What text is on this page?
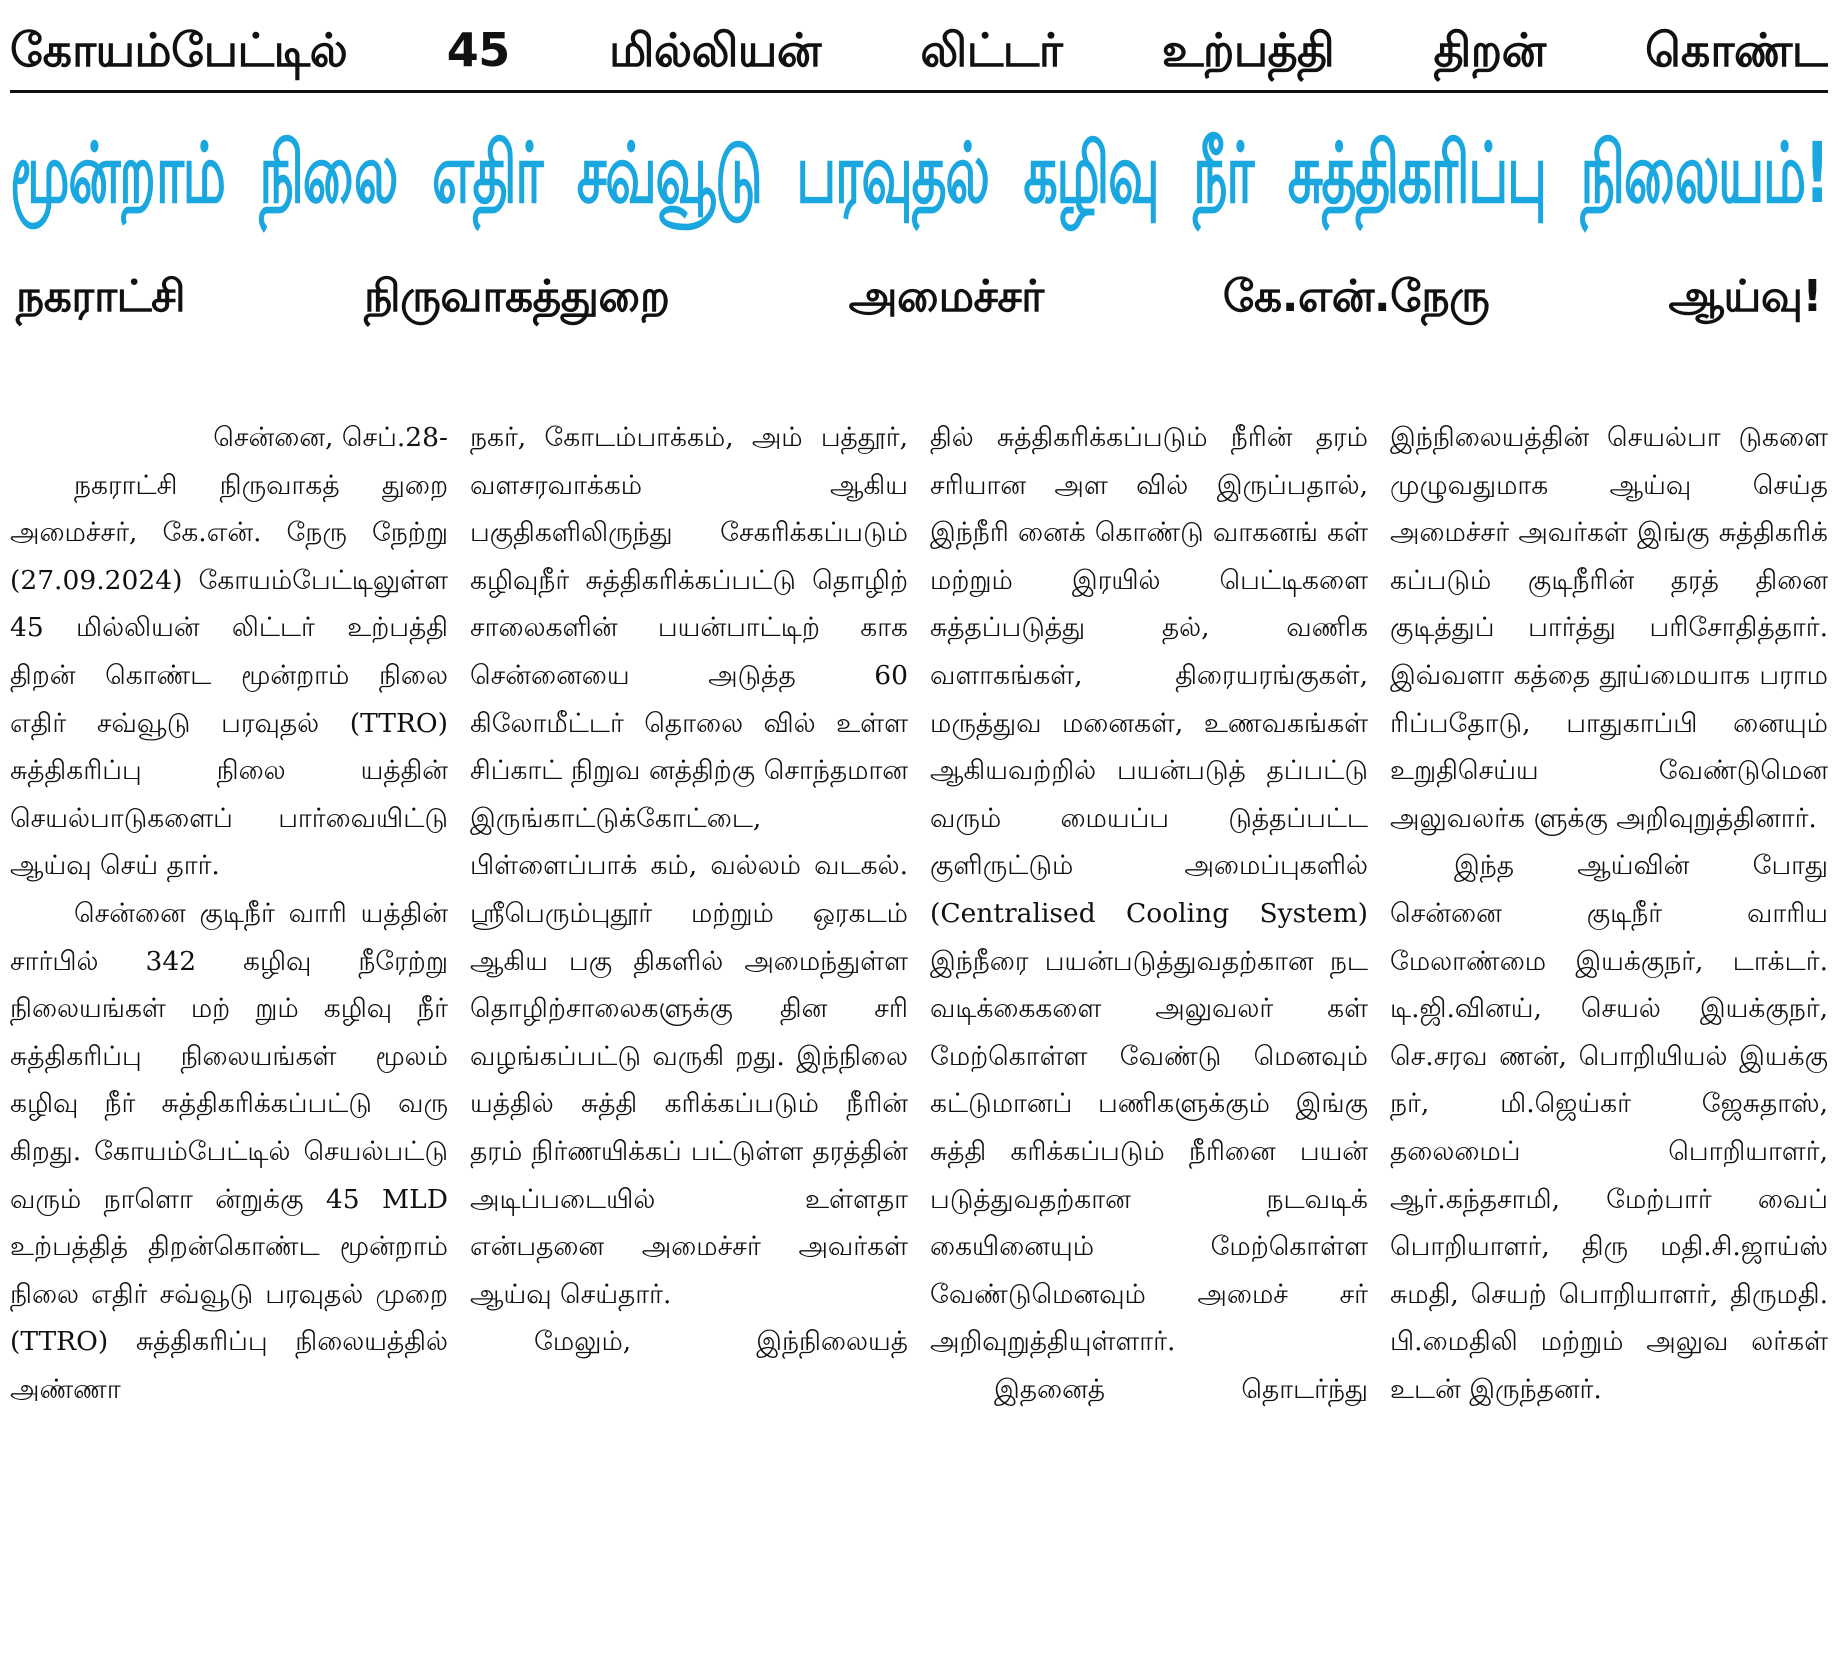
கோயம்பேட்டில் 45 மில்லியன் லிட்டர் உற்பத்தி திறன் கொண்ட
மூன்றாம் நிலை எதிர் சவ்வூடு பரவுதல் கழிவு நீர் சுத்திகரிப்பு நிலையம்!
நகராட்சி நிருவாகத்துறை அமைச்சர் கே.என்.நேரு ஆய்வு!

சென்னை, செப்.28-

நகராட்சி நிருவாகத் துறை அமைச்சர், கே.என். நேரு நேற்று (27.09.2024) கோயம்பேட்டிலுள்ள 45 மில்லியன் லிட்டர் உற்பத்தி திறன் கொண்ட மூன்றாம் நிலை எதிர் சவ்வூடு பரவுதல் (TTRO) சுத்திகரிப்பு நிலை யத்தின் செயல்பாடுகளைப் பார்வையிட்டு ஆய்வு செய் தார்.

சென்னை குடிநீர் வாரி யத்தின் சார்பில் 342 கழிவு நீரேற்று நிலையங்கள் மற் றும் கழிவு நீர் சுத்திகரிப்பு நிலையங்கள் மூலம் கழிவு நீர் சுத்திகரிக்கப்பட்டு வரு கிறது. கோயம்பேட்டில் செயல்பட்டு வரும் நாளொ ன்றுக்கு 45 MLD உற்பத்தித் திறன்கொண்ட மூன்றாம் நிலை எதிர் சவ்வூடு பரவுதல் முறை (TTRO) சுத்திகரிப்பு நிலையத்தில் அண்ணா

நகர், கோடம்பாக்கம், அம் பத்தூர், வளசரவாக்கம் ஆகிய பகுதிகளிலிருந்து சேகரிக்கப்படும் கழிவுநீர் சுத்திகரிக்கப்பட்டு தொழிற் சாலைகளின் பயன்பாட்டிற் காக சென்னையை அடுத்த 60 கிலோமீட்டர் தொலை வில் உள்ள சிப்காட் நிறுவ னத்திற்கு சொந்தமான இருங்காட்டுக்கோட்டை, பிள்ளைப்பாக் கம், வல்லம் வடகல். ஸ்ரீபெரும்புதூர் மற்றும் ஒரகடம் ஆகிய பகு திகளில் அமைந்துள்ள தொழிற்சாலைகளுக்கு தின சரி வழங்கப்பட்டு வருகி றது. இந்நிலை யத்தில் சுத்தி கரிக்கப்படும் நீரின் தரம் நிர்ணயிக்கப் பட்டுள்ள தரத்தின் அடிப்படையில் உள்ளதா என்பதனை அமைச்சர் அவர்கள் ஆய்வு செய்தார்.

மேலும், இந்நிலையத்

தில் சுத்திகரிக்கப்படும் நீரின் தரம் சரியான அள வில் இருப்பதால், இந்நீரி னைக் கொண்டு வாகனங் கள் மற்றும் இரயில் பெட்டிகளை சுத்தப்படுத்து தல், வணிக வளாகங்கள், திரையரங்குகள், மருத்துவ மனைகள், உணவகங்கள் ஆகியவற்றில் பயன்படுத் தப்பட்டு வரும் மையப்ப டுத்தப்பட்ட குளிருட்டும் அமைப்புகளில் (Centralised Cooling System) இந்நீரை பயன்படுத்துவதற்கான நட வடிக்கைகளை அலுவலர் கள் மேற்கொள்ள வேண்டு மெனவும் கட்டுமானப் பணிகளுக்கும் இங்கு சுத்தி கரிக்கப்படும் நீரினை பயன் படுத்துவதற்கான நடவடிக் கையினையும் மேற்கொள்ள வேண்டுமெனவும் அமைச் சர் அறிவுறுத்தியுள்ளார்.

இதனைத் தொடர்ந்து

இந்நிலையத்தின் செயல்பா டுகளை முழுவதுமாக ஆய்வு செய்த அமைச்சர் அவர்கள் இங்கு சுத்திகரிக் கப்படும் குடிநீரின் தரத் தினை குடித்துப் பார்த்து பரிசோதித்தார். இவ்வளா கத்தை தூய்மையாக பராம ரிப்பதோடு, பாதுகாப்பி னையும் உறுதிசெய்ய வேண்டுமென அலுவலர்க ளுக்கு அறிவுறுத்தினார்.

இந்த ஆய்வின் போது சென்னை குடிநீர் வாரிய மேலாண்மை இயக்குநர், டாக்டர். டி.ஜி.வினய், செயல் இயக்குநர், செ.சரவ ணன், பொறியியல் இயக்கு நர், மி.ஜெய்கர் ஜேசுதாஸ், தலைமைப் பொறியாளர், ஆர்.கந்தசாமி, மேற்பார் வைப் பொறியாளர், திரு மதி.சி.ஜாய்ஸ் சுமதி, செயற் பொறியாளர், திருமதி. பி.மைதிலி மற்றும் அலுவ லர்கள் உடன் இருந்தனர்.
